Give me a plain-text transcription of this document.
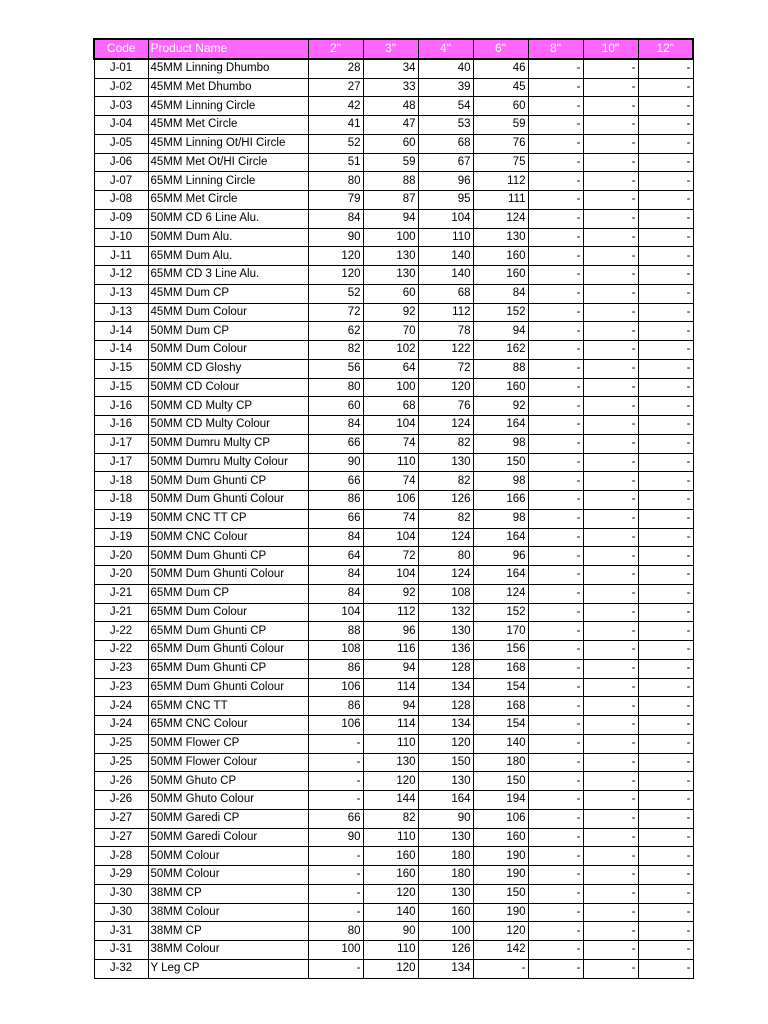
Code	Product Name	2"	3"	4"	6"	8"	10"	12"
J-01	45MM Linning Dhumbo	28	34	40	46	-	-	-
J-02	45MM Met Dhumbo	27	33	39	45	-	-	-
J-03	45MM Linning Circle	42	48	54	60	-	-	-
J-04	45MM Met Circle	41	47	53	59	-	-	-
J-05	45MM Linning Ot/HI Circle	52	60	68	76	-	-	-
J-06	45MM Met Ot/HI Circle	51	59	67	75	-	-	-
J-07	65MM Linning Circle	80	88	96	112	-	-	-
J-08	65MM Met Circle	79	87	95	111	-	-	-
J-09	50MM CD 6 Line Alu.	84	94	104	124	-	-	-
J-10	50MM Dum Alu.	90	100	110	130	-	-	-
J-11	65MM Dum Alu.	120	130	140	160	-	-	-
J-12	65MM CD 3 Line Alu.	120	130	140	160	-	-	-
J-13	45MM Dum CP	52	60	68	84	-	-	-
J-13	45MM Dum Colour	72	92	112	152	-	-	-
J-14	50MM Dum CP	62	70	78	94	-	-	-
J-14	50MM Dum Colour	82	102	122	162	-	-	-
J-15	50MM CD Gloshy	56	64	72	88	-	-	-
J-15	50MM CD Colour	80	100	120	160	-	-	-
J-16	50MM CD Multy CP	60	68	76	92	-	-	-
J-16	50MM CD Multy Colour	84	104	124	164	-	-	-
J-17	50MM Dumru Multy CP	66	74	82	98	-	-	-
J-17	50MM Dumru Multy Colour	90	110	130	150	-	-	-
J-18	50MM Dum Ghunti CP	66	74	82	98	-	-	-
J-18	50MM Dum Ghunti Colour	86	106	126	166	-	-	-
J-19	50MM CNC TT CP	66	74	82	98	-	-	-
J-19	50MM CNC Colour	84	104	124	164	-	-	-
J-20	50MM Dum Ghunti CP	64	72	80	96	-	-	-
J-20	50MM Dum Ghunti Colour	84	104	124	164	-	-	-
J-21	65MM Dum CP	84	92	108	124	-	-	-
J-21	65MM Dum Colour	104	112	132	152	-	-	-
J-22	65MM Dum Ghunti CP	88	96	130	170	-	-	-
J-22	65MM Dum Ghunti Colour	108	116	136	156	-	-	-
J-23	65MM Dum Ghunti CP	86	94	128	168	-	-	-
J-23	65MM Dum Ghunti Colour	106	114	134	154	-	-	-
J-24	65MM CNC TT	86	94	128	168	-	-	-
J-24	65MM CNC Colour	106	114	134	154	-	-	-
J-25	50MM Flower CP	-	110	120	140	-	-	-
J-25	50MM Flower Colour	-	130	150	180	-	-	-
J-26	50MM Ghuto CP	-	120	130	150	-	-	-
J-26	50MM Ghuto Colour	-	144	164	194	-	-	-
J-27	50MM Garedi CP	66	82	90	106	-	-	-
J-27	50MM Garedi Colour	90	110	130	160	-	-	-
J-28	50MM Colour	-	160	180	190	-	-	-
J-29	50MM Colour	-	160	180	190	-	-	-
J-30	38MM CP	-	120	130	150	-	-	-
J-30	38MM Colour	-	140	160	190	-	-	-
J-31	38MM CP	80	90	100	120	-	-	-
J-31	38MM Colour	100	110	126	142	-	-	-
J-32	Y Leg CP	-	120	134	-	-	-	-
